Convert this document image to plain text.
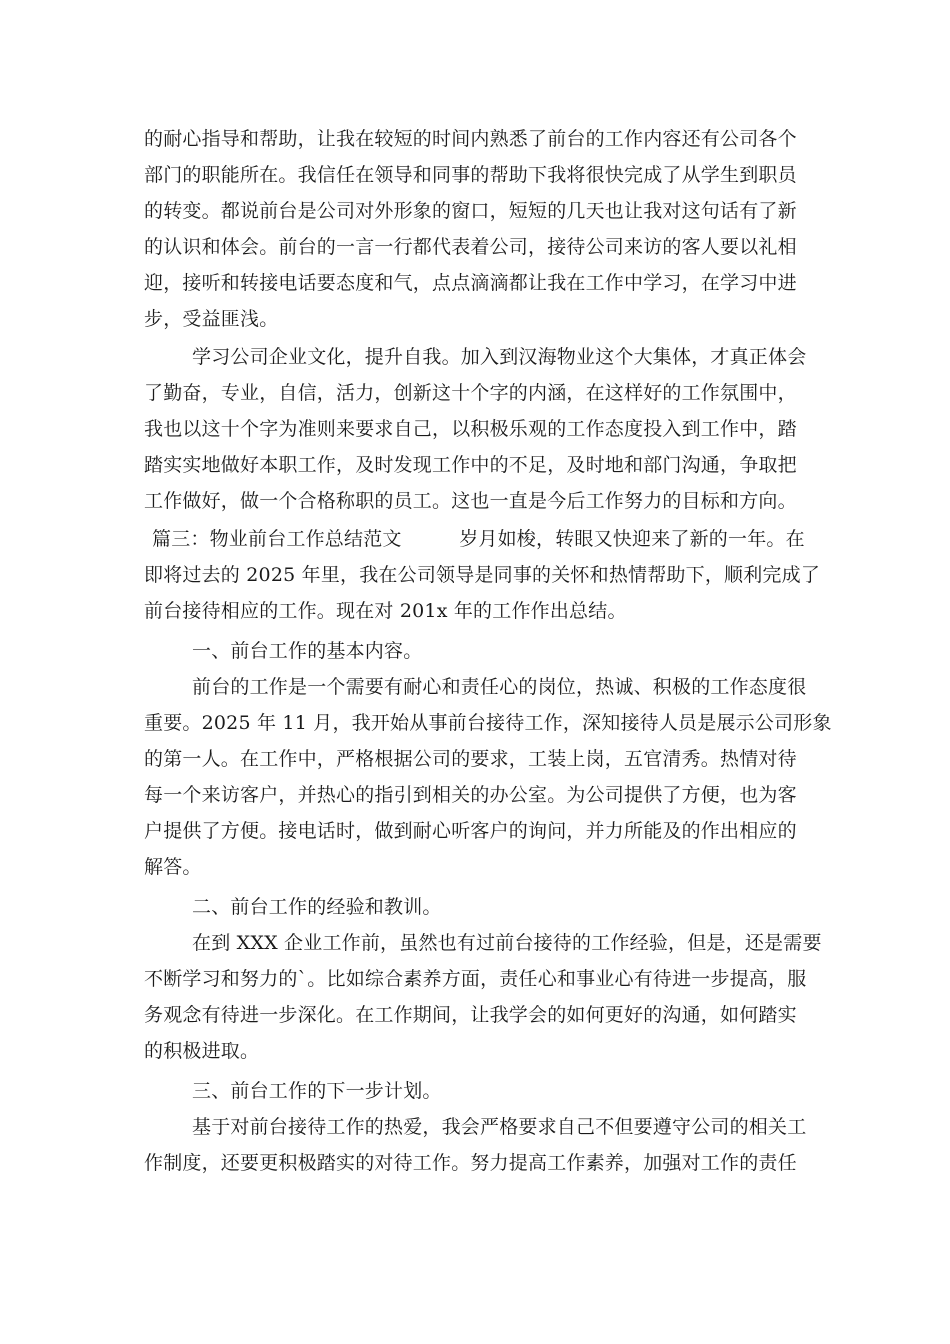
的耐心指导和帮助，让我在较短的时间内熟悉了前台的工作内容还有公司各个
部门的职能所在。我信任在领导和同事的帮助下我将很快完成了从学生到职员
的转变。都说前台是公司对外形象的窗口，短短的几天也让我对这句话有了新
的认识和体会。前台的一言一行都代表着公司，接待公司来访的客人要以礼相
迎，接听和转接电话要态度和气，点点滴滴都让我在工作中学习，在学习中进
步，受益匪浅。
学习公司企业文化，提升自我。加入到汉海物业这个大集体，才真正体会
了勤奋，专业，自信，活力，创新这十个字的内涵，在这样好的工作氛围中，
我也以这十个字为准则来要求自己，以积极乐观的工作态度投入到工作中，踏
踏实实地做好本职工作，及时发现工作中的不足，及时地和部门沟通，争取把
工作做好，做一个合格称职的员工。这也一直是今后工作努力的目标和方向。
篇三：物业前台工作总结范文　　　岁月如梭，转眼又快迎来了新的一年。在
即将过去的 2025 年里，我在公司领导是同事的关怀和热情帮助下，顺利完成了
前台接待相应的工作。现在对 201x 年的工作作出总结。
一、前台工作的基本内容。
前台的工作是一个需要有耐心和责任心的岗位，热诚、积极的工作态度很
重要。2025 年 11 月，我开始从事前台接待工作，深知接待人员是展示公司形象
的第一人。在工作中，严格根据公司的要求，工装上岗，五官清秀。热情对待
每一个来访客户，并热心的指引到相关的办公室。为公司提供了方便，也为客
户提供了方便。接电话时，做到耐心听客户的询问，并力所能及的作出相应的
解答。
二、前台工作的经验和教训。
在到 XXX 企业工作前，虽然也有过前台接待的工作经验，但是，还是需要
不断学习和努力的`。比如综合素养方面，责任心和事业心有待进一步提高，服
务观念有待进一步深化。在工作期间，让我学会的如何更好的沟通，如何踏实
的积极进取。
三、前台工作的下一步计划。
基于对前台接待工作的热爱，我会严格要求自己不但要遵守公司的相关工
作制度，还要更积极踏实的对待工作。努力提高工作素养，加强对工作的责任
